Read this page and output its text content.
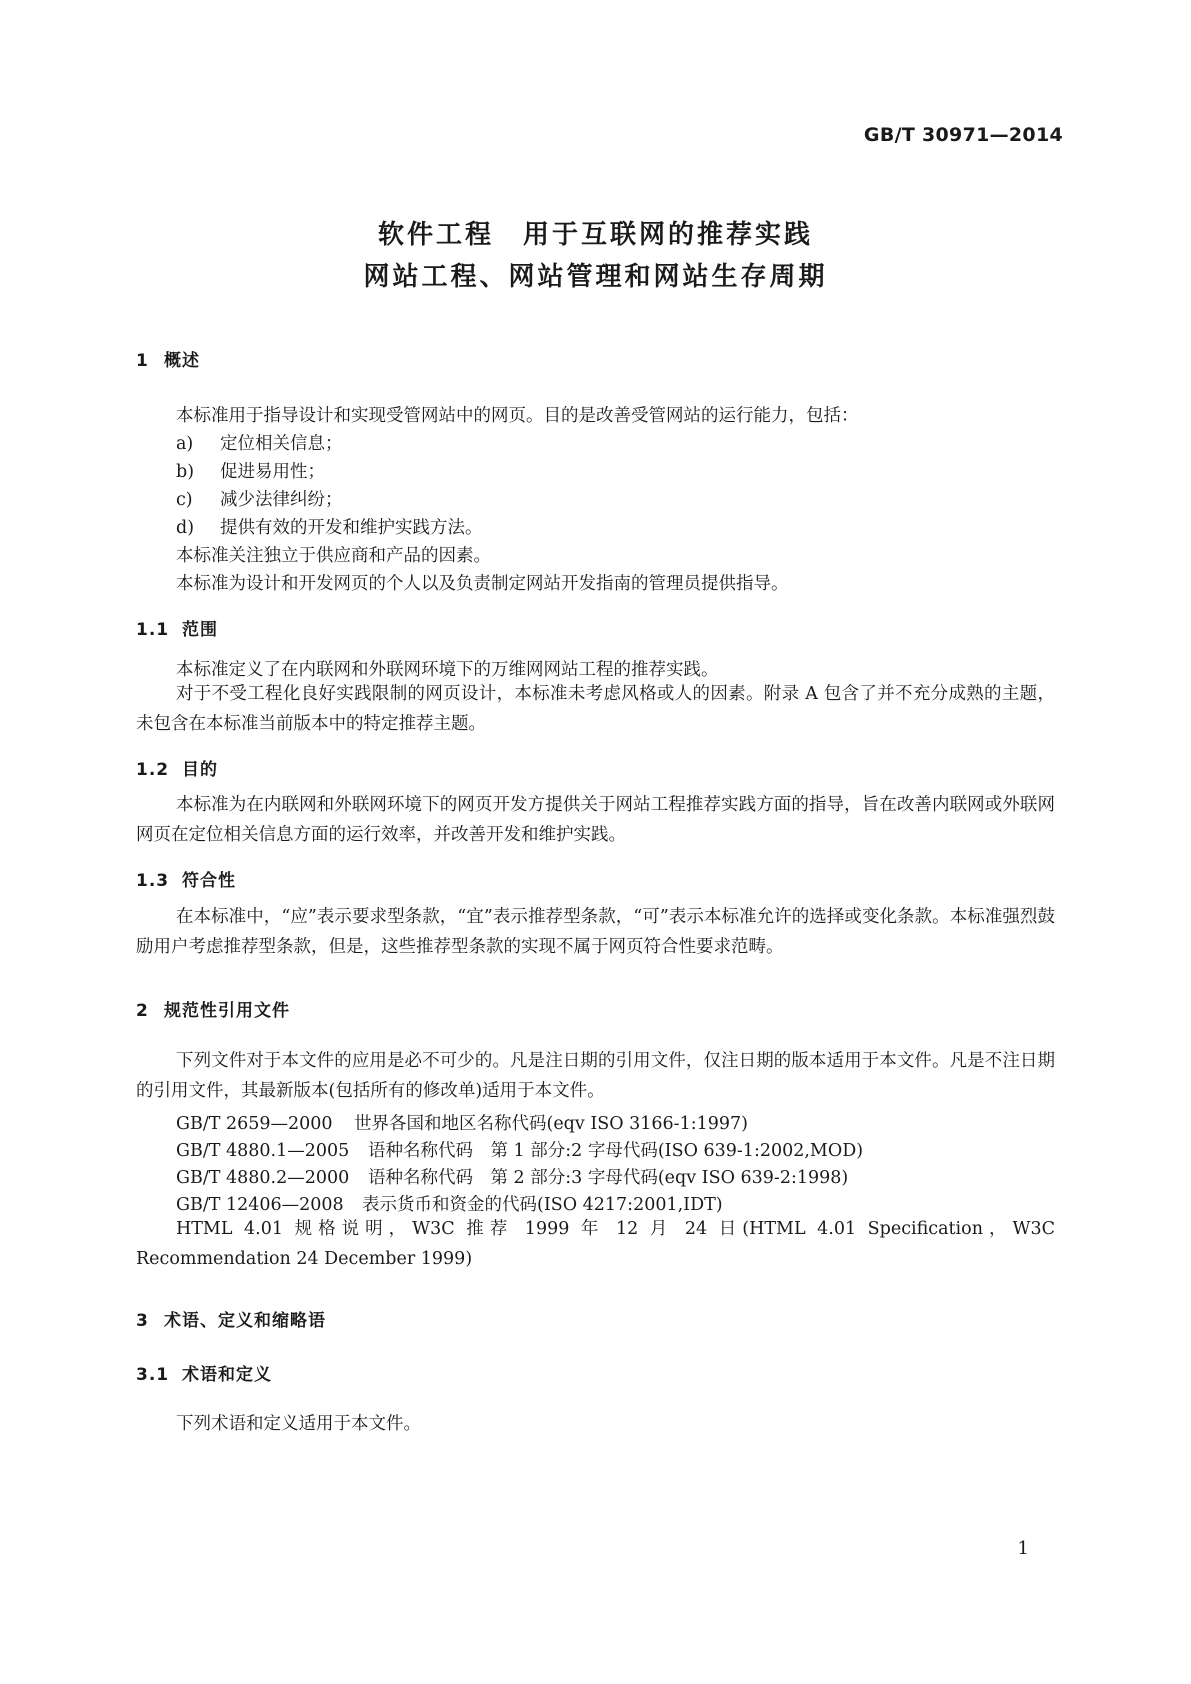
GB/T 30971—2014
软件工程　用于互联网的推荐实践
网站工程、网站管理和网站生存周期
1 概述
本标准用于指导设计和实现受管网站中的网页。目的是改善受管网站的运行能力，包括：
a) 定位相关信息；
b) 促进易用性；
c) 减少法律纠纷；
d) 提供有效的开发和维护实践方法。
本标准关注独立于供应商和产品的因素。
本标准为设计和开发网页的个人以及负责制定网站开发指南的管理员提供指导。
1.1 范围
本标准定义了在内联网和外联网环境下的万维网网站工程的推荐实践。
对于不受工程化良好实践限制的网页设计，本标准未考虑风格或人的因素。附录 A 包含了并不充分成熟的主题，未包含在本标准当前版本中的特定推荐主题。
1.2 目的
本标准为在内联网和外联网环境下的网页开发方提供关于网站工程推荐实践方面的指导，旨在改善内联网或外联网网页在定位相关信息方面的运行效率，并改善开发和维护实践。
1.3 符合性
在本标准中，“应”表示要求型条款，“宜”表示推荐型条款，“可”表示本标准允许的选择或变化条款。本标准强烈鼓励用户考虑推荐型条款，但是，这些推荐型条款的实现不属于网页符合性要求范畴。
2 规范性引用文件
下列文件对于本文件的应用是必不可少的。凡是注日期的引用文件，仅注日期的版本适用于本文件。凡是不注日期的引用文件，其最新版本(包括所有的修改单)适用于本文件。
GB/T 2659—2000 世界各国和地区名称代码(eqv ISO 3166-1:1997)
GB/T 4880.1—2005 语种名称代码　第 1 部分:2 字母代码(ISO 639-1:2002,MOD)
GB/T 4880.2—2000 语种名称代码　第 2 部分:3 字母代码(eqv ISO 639-2:1998)
GB/T 12406—2008 表示货币和资金的代码(ISO 4217:2001,IDT)
HTML 4.01 规格说明，W3C 推荐 1999 年 12 月 24 日(HTML 4.01 Specification，W3C Recommendation 24 December 1999)
3 术语、定义和缩略语
3.1 术语和定义
下列术语和定义适用于本文件。
1
